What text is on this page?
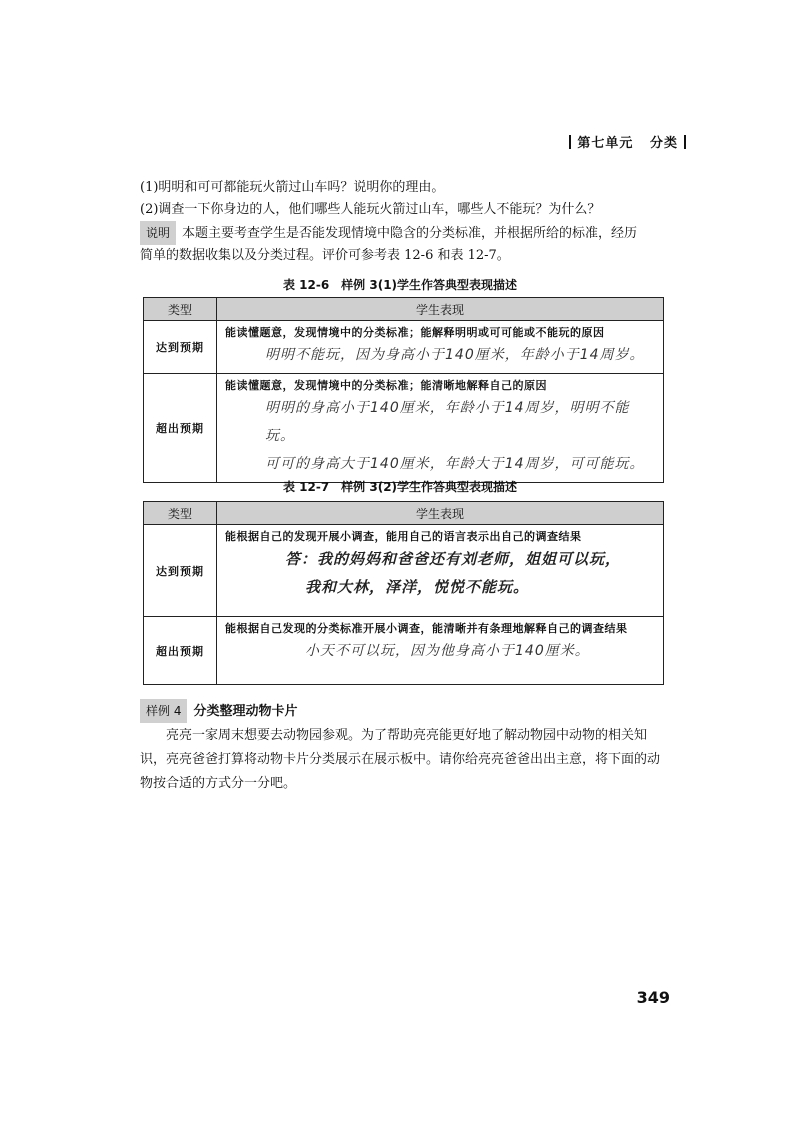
第七单元 分类
(1)明明和可可都能玩火箭过山车吗？说明你的理由。
(2)调查一下你身边的人，他们哪些人能玩火箭过山车，哪些人不能玩？为什么？
说明 本题主要考查学生是否能发现情境中隐含的分类标准，并根据所给的标准，经历
简单的数据收集以及分类过程。评价可参考表 12-6 和表 12-7。
表 12-6　样例 3(1)学生作答典型表现描述
类型	学生表现
达到预期	能读懂题意，发现情境中的分类标准；能解释明明或可可能或不能玩的原因
明明不能玩，因为身高小于140厘米，年龄小于14周岁。

超出预期	能读懂题意，发现情境中的分类标准；能清晰地解释自己的原因
明明的身高小于140厘米，年龄小于14周岁，明明不能玩。
可可的身高大于140厘米，年龄大于14周岁，可可能玩。
表 12-7　样例 3(2)学生作答典型表现描述
类型	学生表现
达到预期	能根据自己的发现开展小调查，能用自己的语言表示出自己的调查结果
答：我的妈妈和爸爸还有刘老师，姐姐可以玩，
我和大林，泽洋，悦悦不能玩。

超出预期	能根据自己发现的分类标准开展小调查，能清晰并有条理地解释自己的调查结果
小天不可以玩，因为他身高小于140厘米。
样例 4 分类整理动物卡片
亮亮一家周末想要去动物园参观。为了帮助亮亮能更好地了解动物园中动物的相关知识，亮亮爸爸打算将动物卡片分类展示在展示板中。请你给亮亮爸爸出出主意，将下面的动物按合适的方式分一分吧。
349
